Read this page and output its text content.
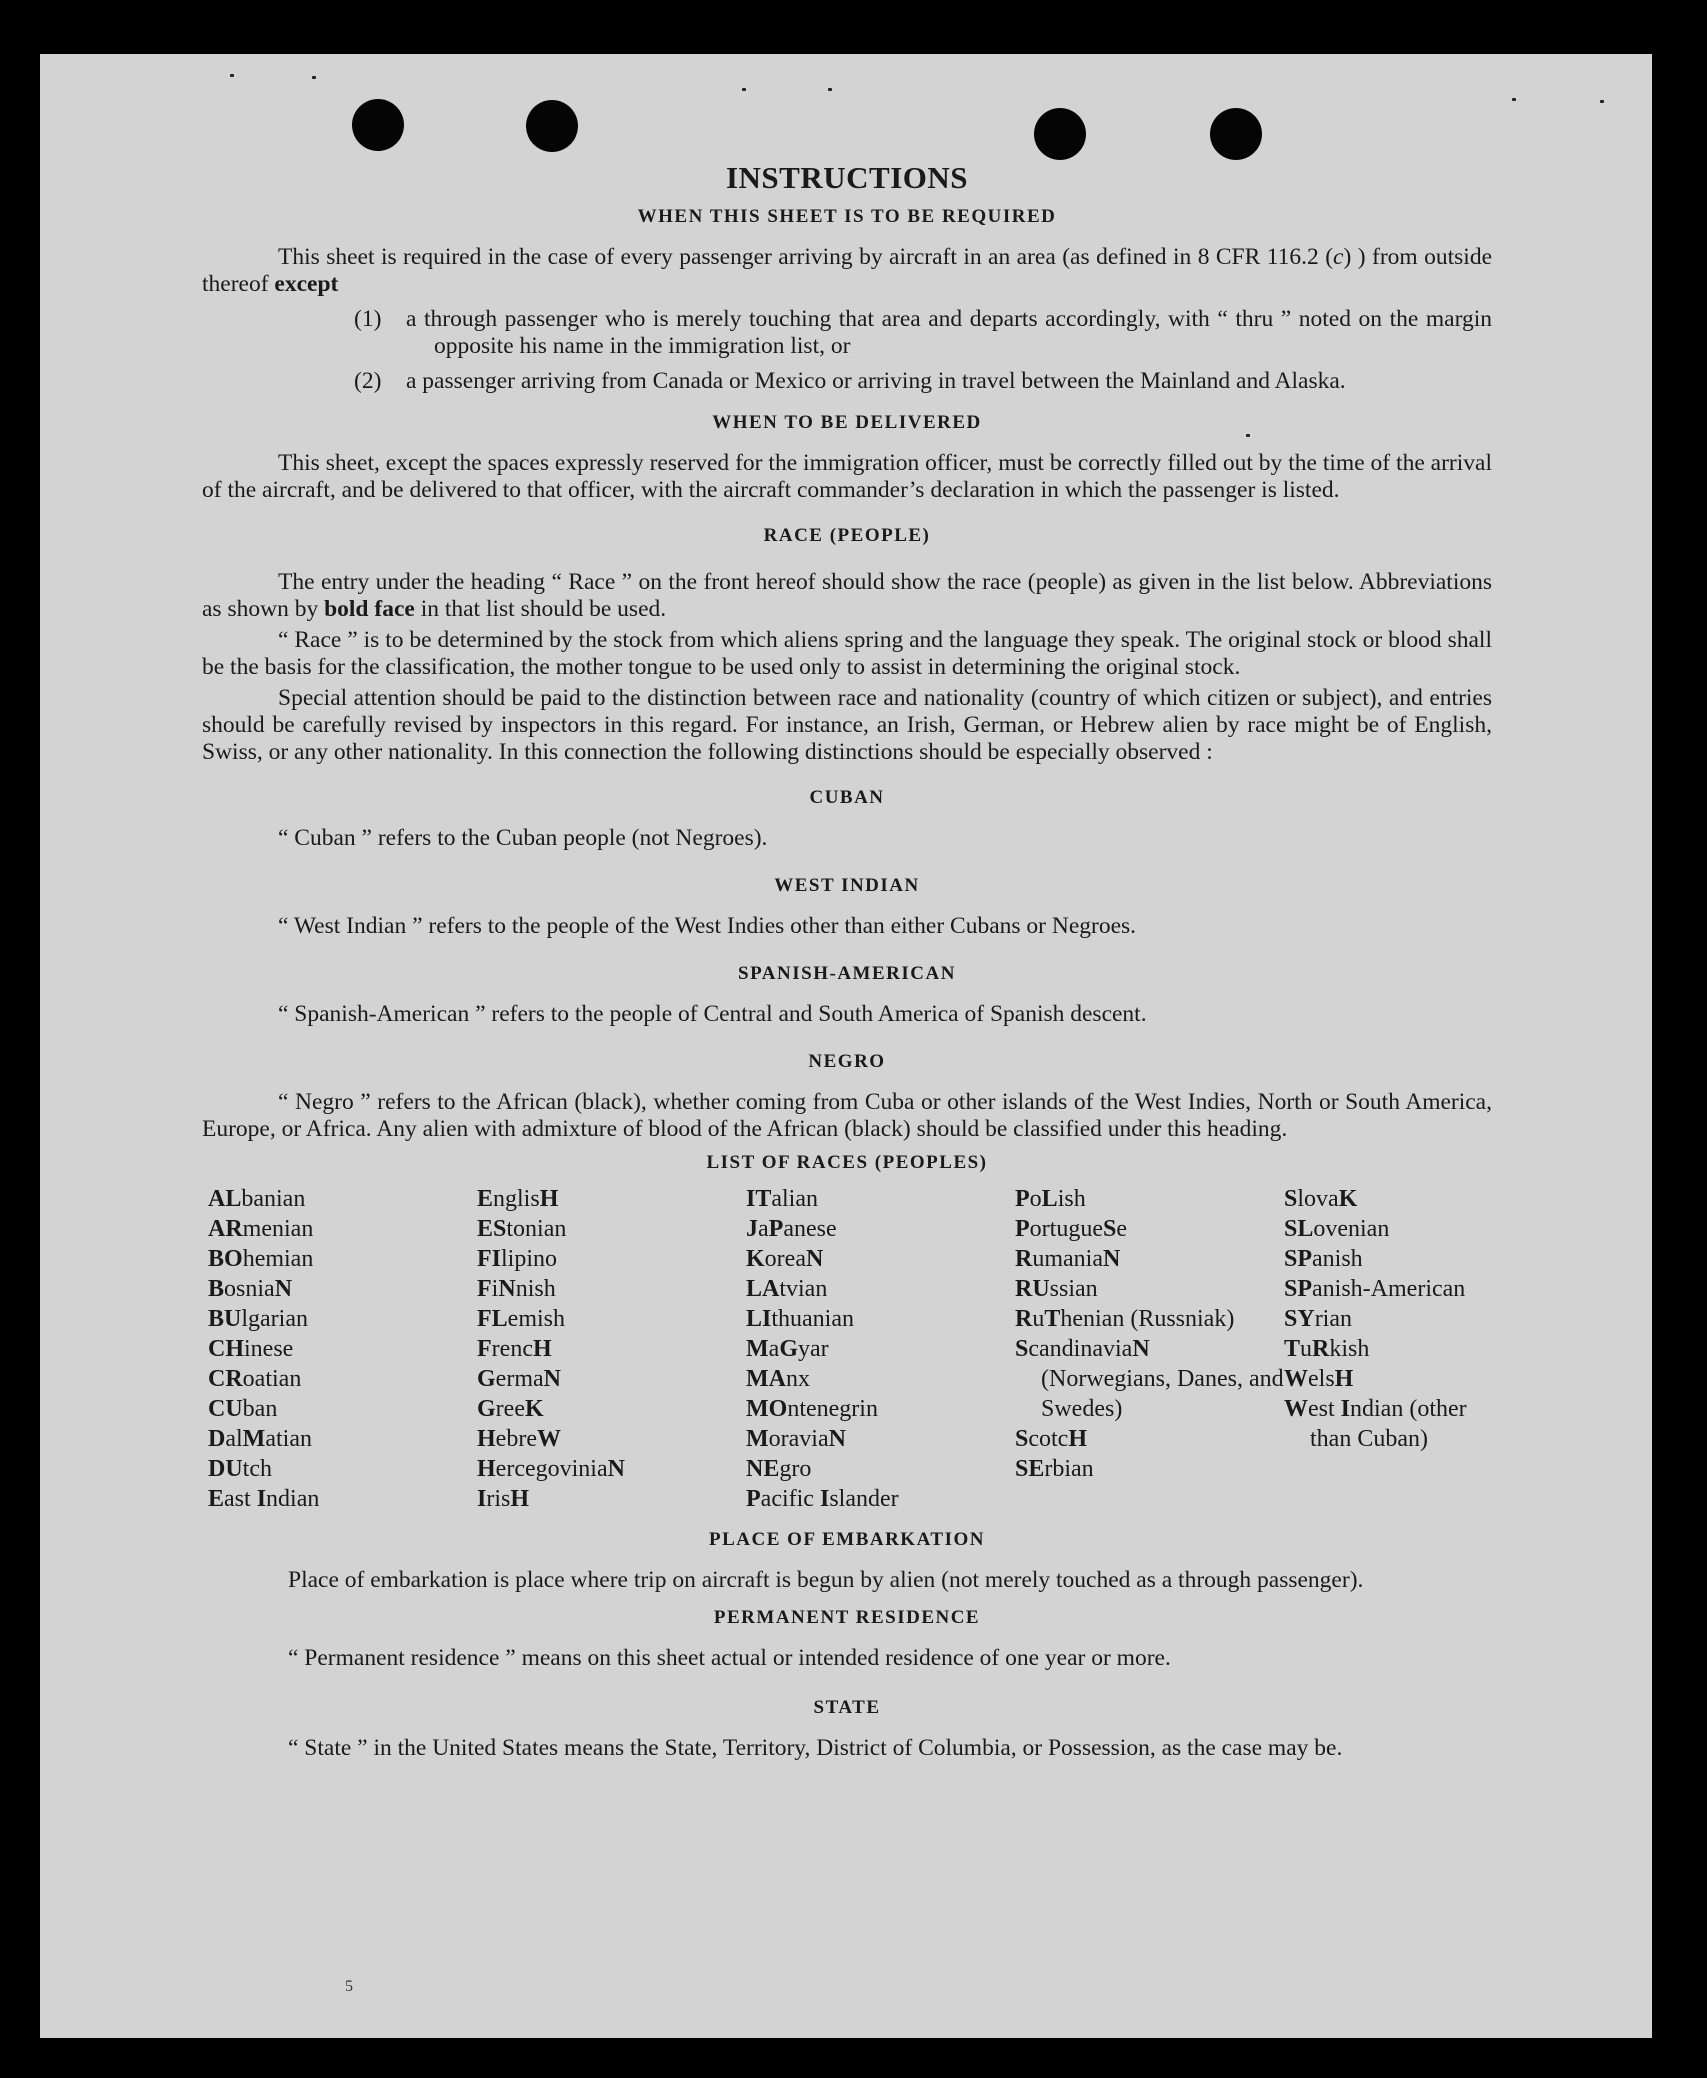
INSTRUCTIONS
WHEN THIS SHEET IS TO BE REQUIRED

This sheet is required in the case of every passenger arriving by aircraft in an area (as defined in 8 CFR 116.2 (c) ) from outside thereof except

(1)	a through passenger who is merely touching that area and departs accordingly, with “ thru ” noted on the margin opposite his name in the immigration list, or
(2)	a passenger arriving from Canada or Mexico or arriving in travel between the Mainland and Alaska.
WHEN TO BE DELIVERED

This sheet, except the spaces expressly reserved for the immigration officer, must be correctly filled out by the time of the arrival of the aircraft, and be delivered to that officer, with the aircraft commander’s declaration in which the passenger is listed.

RACE (PEOPLE)

The entry under the heading “ Race ” on the front hereof should show the race (people) as given in the list below. Abbreviations as shown by bold face in that list should be used.

“ Race ” is to be determined by the stock from which aliens spring and the language they speak. The original stock or blood shall be the basis for the classification, the mother tongue to be used only to assist in determining the original stock.

Special attention should be paid to the distinction between race and nationality (country of which citizen or subject), and entries should be carefully revised by inspectors in this regard. For instance, an Irish, German, or Hebrew alien by race might be of English, Swiss, or any other nationality. In this connection the following distinctions should be especially observed :

CUBAN

“ Cuban ” refers to the Cuban people (not Negroes).

WEST INDIAN

“ West Indian ” refers to the people of the West Indies other than either Cubans or Negroes.

SPANISH-AMERICAN

“ Spanish-American ” refers to the people of Central and South America of Spanish descent.

NEGRO

“ Negro ” refers to the African (black), whether coming from Cuba or other islands of the West Indies, North or South America, Europe, or Africa. Any alien with admixture of blood of the African (black) should be classified under this heading.

LIST OF RACES (PEOPLES)
ALbanian
ARmenian
BOhemian
BosniaN
BUlgarian
CHinese
CRoatian
CUban
DalMatian
DUtch
East Indian
EnglisH
EStonian
FIlipino
FiNnish
FLemish
FrencH
GermaN
GreeK
HebreW
HercegoviniaN
IrisH
ITalian
JaPanese
KoreaN
LAtvian
LIthuanian
MaGyar
MAnx
MOntenegrin
MoraviaN
NEgro
Pacific Islander
PoLish
PortugueSe
RumaniaN
RUssian
RuThenian (Russniak)
ScandinaviaN (Norwegians, Danes, and Swedes)
ScotcH
SErbian
SlovaK
SLovenian
SPanish
SPanish-American
SYrian
TuRkish
WelsH
West Indian (other than Cuban)
PLACE OF EMBARKATION

Place of embarkation is place where trip on aircraft is begun by alien (not merely touched as a through passenger).

PERMANENT RESIDENCE

“ Permanent residence ” means on this sheet actual or intended residence of one year or more.

STATE

“ State ” in the United States means the State, Territory, District of Columbia, or Possession, as the case may be.

5
